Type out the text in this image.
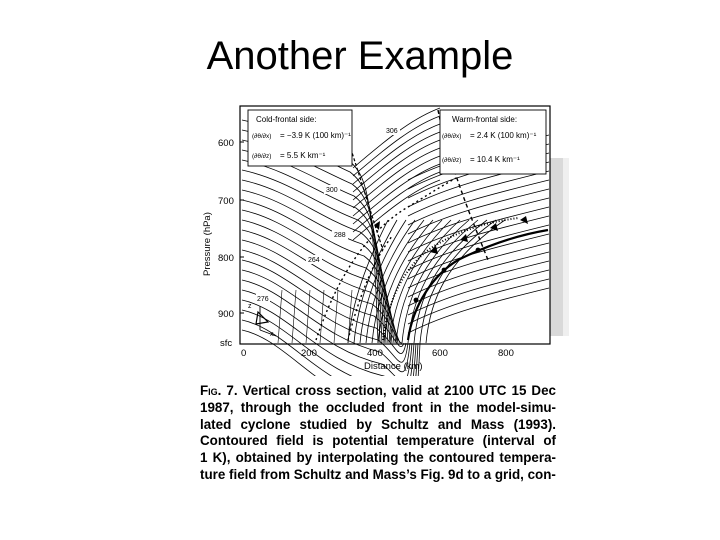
Another Example
Cold-frontal side:
(∂θ/∂x) = −3.9 K (100 km)⁻¹
(∂θ/∂z) = 5.5 K km⁻¹
Warm-frontal side:
(∂θ/∂x) = 2.4 K (100 km)⁻¹
(∂θ/∂z) = 10.4 K km⁻¹
306
300
288
264
276
z
x
600
700
800
900
sfc
Pressure (hPa)
0	200	400	600	800
Distance (km)
Fig. 7. Vertical cross section, valid at 2100 UTC 15 Dec
1987, through the occluded front in the model-simu-
lated cyclone studied by Schultz and Mass (1993).
Contoured field is potential temperature (interval of
1 K), obtained by interpolating the contoured tempera-
ture field from Schultz and Mass’s Fig. 9d to a grid, con-
